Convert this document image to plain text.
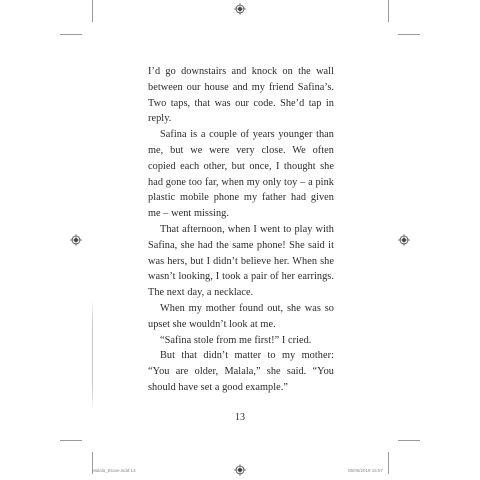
I’d go downstairs and knock on the wall between our house and my friend Safina’s. Two taps, that was our code. She’d tap in reply.

Safina is a couple of years younger than me, but we were very close. We often copied each other, but once, I thought she had gone too far, when my only toy – a pink plastic mobile phone my father had given me – went missing.

That afternoon, when I went to play with Safina, she had the same phone! She said it was hers, but I didn’t believe her. When she wasn’t looking, I took a pair of her earrings. The next day, a necklace.

When my mother found out, she was so upset she wouldn’t look at me.

“Safina stole from me first!” I cried.

But that didn’t matter to my mother: “You are older, Malala,” she said. “You should have set a good example.”

13
Malala_Brave.indd 13	05/06/2018 15:57
